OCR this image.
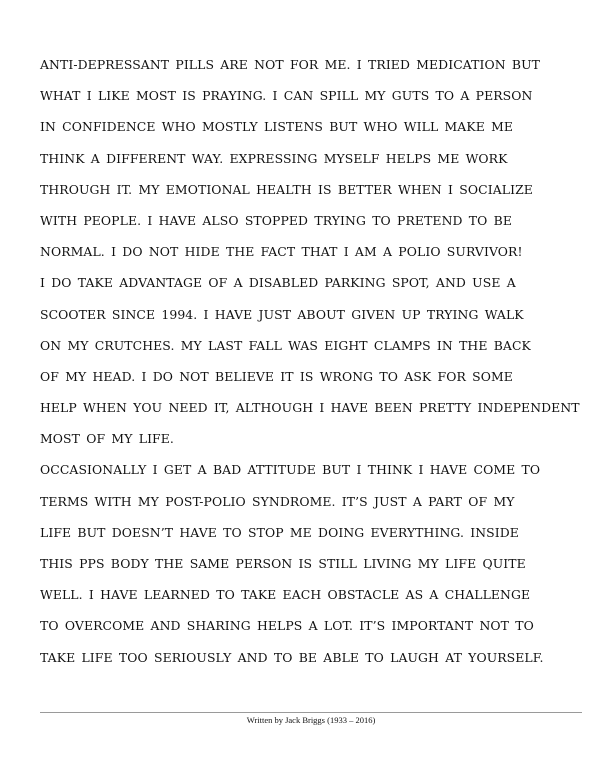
ANTI-DEPRESSANT PILLS ARE NOT FOR ME. I TRIED MEDICATION BUT
WHAT I LIKE MOST IS PRAYING. I CAN SPILL MY GUTS TO A PERSON
IN CONFIDENCE WHO MOSTLY LISTENS BUT WHO WILL MAKE ME
THINK A DIFFERENT WAY. EXPRESSING MYSELF HELPS ME WORK
THROUGH IT. MY EMOTIONAL HEALTH IS BETTER WHEN I SOCIALIZE
WITH PEOPLE. I HAVE ALSO STOPPED TRYING TO PRETEND TO BE
NORMAL. I DO NOT HIDE THE FACT THAT I AM A POLIO SURVIVOR!
I DO TAKE ADVANTAGE OF A DISABLED PARKING SPOT, AND USE A
SCOOTER SINCE 1994. I HAVE JUST ABOUT GIVEN UP TRYING WALK
ON MY CRUTCHES. MY LAST FALL WAS EIGHT CLAMPS IN THE BACK
OF MY HEAD. I DO NOT BELIEVE IT IS WRONG TO ASK FOR SOME
HELP WHEN YOU NEED IT, ALTHOUGH I HAVE BEEN PRETTY INDEPENDENT
MOST OF MY LIFE.
OCCASIONALLY I GET A BAD ATTITUDE BUT I THINK I HAVE COME TO
TERMS WITH MY POST-POLIO SYNDROME. IT’S JUST A PART OF MY
LIFE BUT DOESN’T HAVE TO STOP ME DOING EVERYTHING. INSIDE
THIS PPS BODY THE SAME PERSON IS STILL LIVING MY LIFE QUITE
WELL. I HAVE LEARNED TO TAKE EACH OBSTACLE AS A CHALLENGE
TO OVERCOME AND SHARING HELPS A LOT. IT’S IMPORTANT NOT TO
TAKE LIFE TOO SERIOUSLY AND TO BE ABLE TO LAUGH AT YOURSELF.
Written by Jack Briggs (1933 – 2016)
